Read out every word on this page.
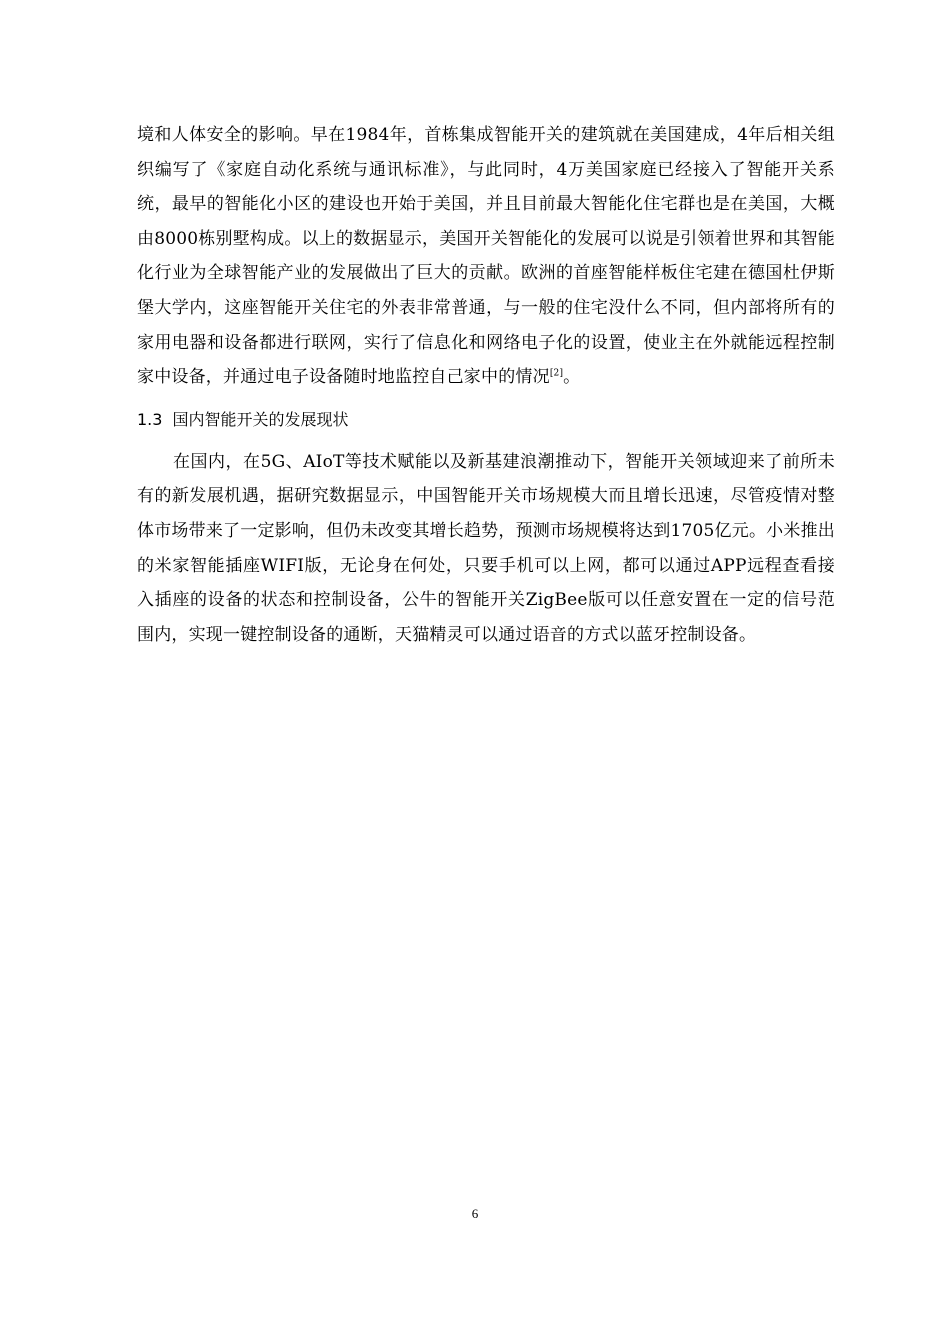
境和人体安全的影响。早在1984年，首栋集成智能开关的建筑就在美国建成，4年后相关组织编写了《家庭自动化系统与通讯标准》，与此同时，4万美国家庭已经接入了智能开关系统，最早的智能化小区的建设也开始于美国，并且目前最大智能化住宅群也是在美国，大概由8000栋别墅构成。以上的数据显示，美国开关智能化的发展可以说是引领着世界和其智能化行业为全球智能产业的发展做出了巨大的贡献。欧洲的首座智能样板住宅建在德国杜伊斯堡大学内，这座智能开关住宅的外表非常普通，与一般的住宅没什么不同，但内部将所有的家用电器和设备都进行联网，实行了信息化和网络电子化的设置，使业主在外就能远程控制家中设备，并通过电子设备随时地监控自己家中的情况[2]。

1.3 国内智能开关的发展现状

在国内，在5G、AIoT等技术赋能以及新基建浪潮推动下，智能开关领域迎来了前所未有的新发展机遇，据研究数据显示，中国智能开关市场规模大而且增长迅速，尽管疫情对整体市场带来了一定影响，但仍未改变其增长趋势，预测市场规模将达到1705亿元。小米推出的米家智能插座WIFI版，无论身在何处，只要手机可以上网，都可以通过APP远程查看接入插座的设备的状态和控制设备，公牛的智能开关ZigBee版可以任意安置在一定的信号范围内，实现一键控制设备的通断，天猫精灵可以通过语音的方式以蓝牙控制设备。

6
